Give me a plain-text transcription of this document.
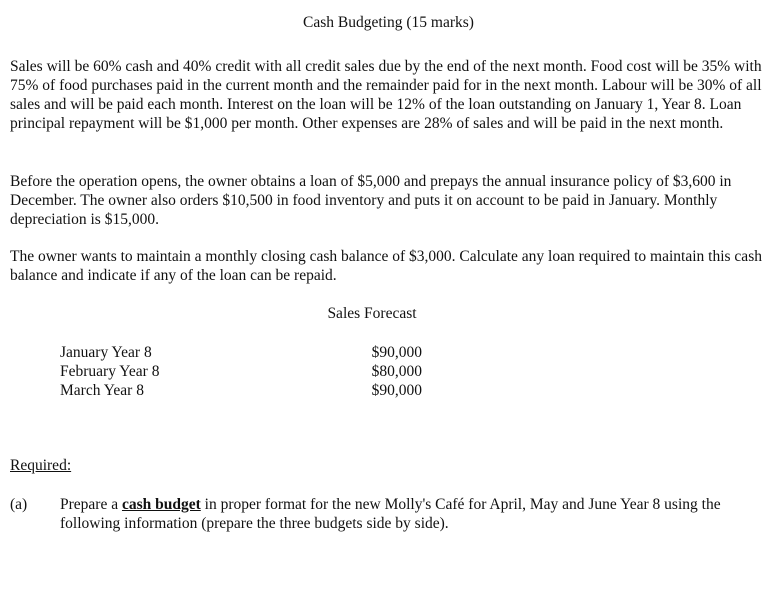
Cash Budgeting (15 marks)

Sales will be 60% cash and 40% credit with all credit sales due by the end of the next month. Food cost will be 35% with 75% of food purchases paid in the current month and the remainder paid for in the next month. Labour will be 30% of all sales and will be paid each month. Interest on the loan will be 12% of the loan outstanding on January 1, Year 8. Loan principal repayment will be $1,000 per month. Other expenses are 28% of sales and will be paid in the next month.

Before the operation opens, the owner obtains a loan of $5,000 and prepays the annual insurance policy of $3,600 in December. The owner also orders $10,500 in food inventory and puts it on account to be paid in January. Monthly depreciation is $15,000.

The owner wants to maintain a monthly closing cash balance of $3,000. Calculate any loan required to maintain this cash balance and indicate if any of the loan can be repaid.

Sales Forecast
January Year 8	$90,000
February Year 8	$80,000
March Year 8	$90,000
Required:
(a) Prepare a cash budget in proper format for the new Molly's Café for April, May and June Year 8 using the following information (prepare the three budgets side by side).
